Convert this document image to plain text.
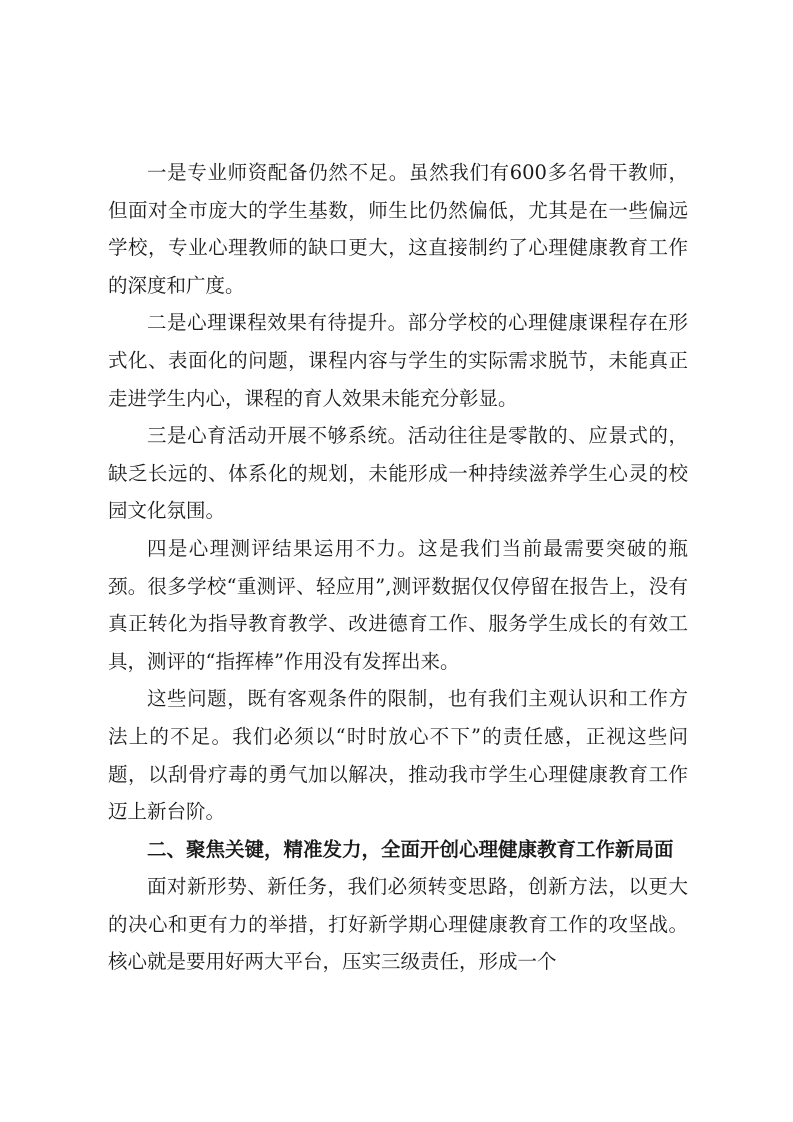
一是专业师资配备仍然不足。虽然我们有600多名骨干教师，但面对全市庞大的学生基数，师生比仍然偏低，尤其是在一些偏远学校，专业心理教师的缺口更大，这直接制约了心理健康教育工作的深度和广度。

二是心理课程效果有待提升。部分学校的心理健康课程存在形式化、表面化的问题，课程内容与学生的实际需求脱节，未能真正走进学生内心，课程的育人效果未能充分彰显。

三是心育活动开展不够系统。活动往往是零散的、应景式的，缺乏长远的、体系化的规划，未能形成一种持续滋养学生心灵的校园文化氛围。

四是心理测评结果运用不力。这是我们当前最需要突破的瓶颈。很多学校“重测评、轻应用”,测评数据仅仅停留在报告上，没有真正转化为指导教育教学、改进德育工作、服务学生成长的有效工具，测评的“指挥棒”作用没有发挥出来。

这些问题，既有客观条件的限制，也有我们主观认识和工作方法上的不足。我们必须以“时时放心不下”的责任感，正视这些问题，以刮骨疗毒的勇气加以解决，推动我市学生心理健康教育工作迈上新台阶。

二、聚焦关键，精准发力，全面开创心理健康教育工作新局面

面对新形势、新任务，我们必须转变思路，创新方法，以更大的决心和更有力的举措，打好新学期心理健康教育工作的攻坚战。核心就是要用好两大平台，压实三级责任，形成一个
